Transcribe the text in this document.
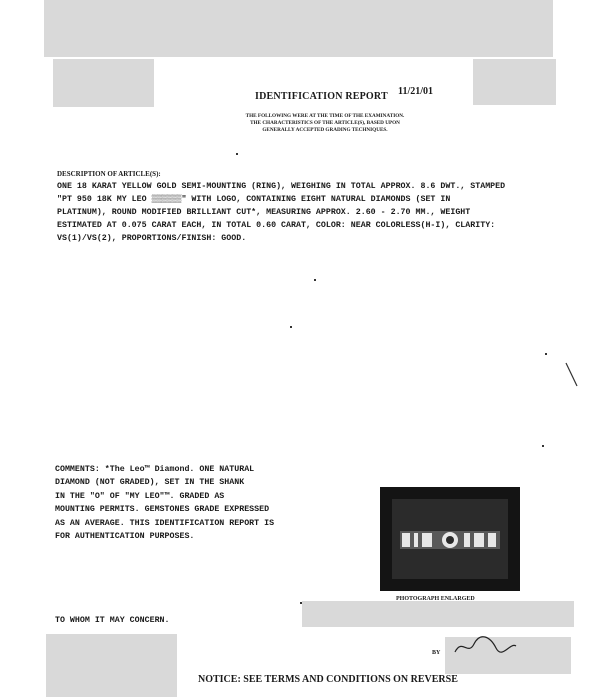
IDENTIFICATION REPORT 11/21/01
THE FOLLOWING WERE AT THE TIME OF THE EXAMINATION.
THE CHARACTERISTICS OF THE ARTICLE(S), BASED UPON
GENERALLY ACCEPTED GRADING TECHNIQUES.
DESCRIPTION OF ARTICLE(S):
ONE 18 KARAT YELLOW GOLD SEMI-MOUNTING (RING), WEIGHING IN TOTAL APPROX. 8.6 DWT., STAMPED
"PT 950 18K MY LEO ▒▒▒▒▒▒" WITH LOGO, CONTAINING EIGHT NATURAL DIAMONDS (SET IN
PLATINUM), ROUND MODIFIED BRILLIANT CUT*, MEASURING APPROX. 2.60 - 2.70 MM., WEIGHT
ESTIMATED AT 0.075 CARAT EACH, IN TOTAL 0.60 CARAT, COLOR: NEAR COLORLESS(H-I), CLARITY:
VS(1)/VS(2), PROPORTIONS/FINISH: GOOD.
COMMENTS: *The Leo™ Diamond. ONE NATURAL
DIAMOND (NOT GRADED), SET IN THE SHANK
IN THE "O" OF "MY LEO"™. GRADED AS
MOUNTING PERMITS. GEMSTONES GRADE EXPRESSED
AS AN AVERAGE. THIS IDENTIFICATION REPORT IS
FOR AUTHENTICATION PURPOSES.
PHOTOGRAPH ENLARGED
TO WHOM IT MAY CONCERN.
BY
NOTICE: SEE TERMS AND CONDITIONS ON REVERSE
